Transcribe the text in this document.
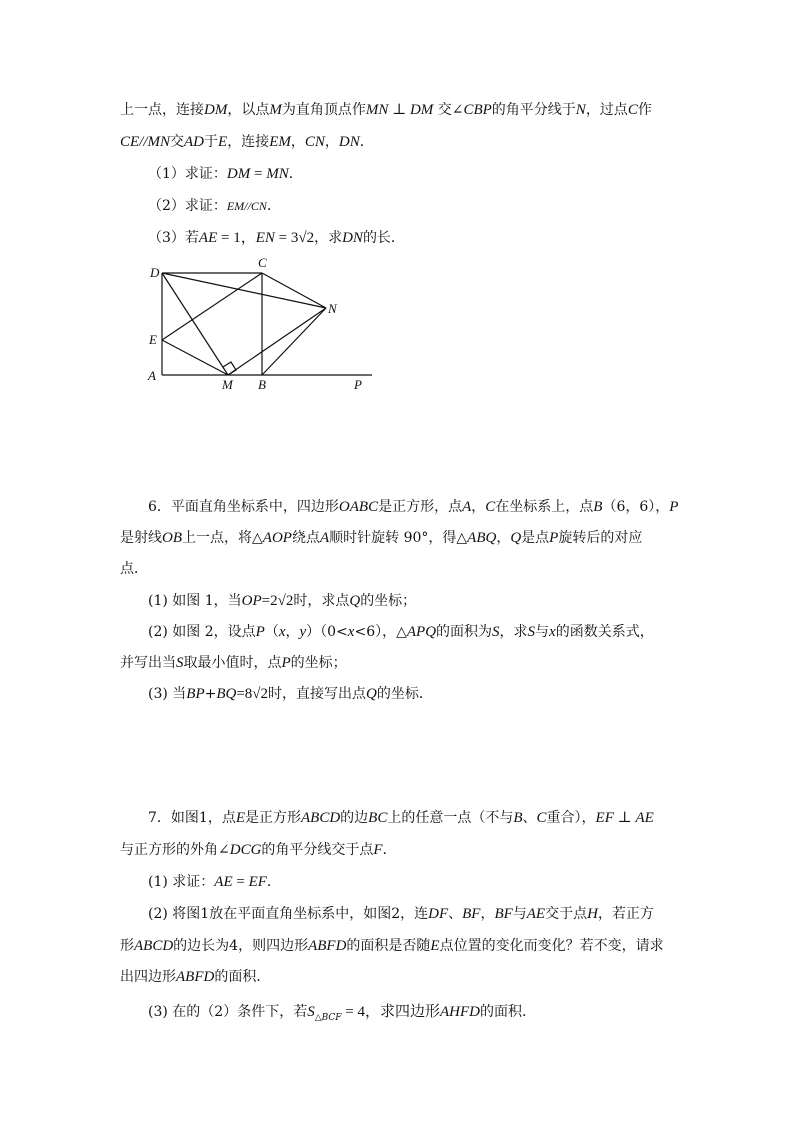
上一点，连接DM，以点M为直角顶点作MN ⊥ DM 交∠CBP的角平分线于N，过点C作
CE//MN交AD于E，连接EM，CN，DN．
（1）求证：DM = MN．
（2）求证：EM//CN．
（3）若AE = 1，EN = 3√2，求DN的长．
D
C
N
E
A
M B	P
6．平面直角坐标系中，四边形OABC是正方形，点A，C在坐标系上，点B（6，6），P
是射线OB上一点，将△AOP绕点A顺时针旋转 90°，得△ABQ，Q是点P旋转后的对应
点．
(1) 如图 1，当OP=2√2时，求点Q的坐标；
(2) 如图 2，设点P（x，y）（0<x<6），△APQ的面积为S，求S与x的函数关系式，
并写出当S取最小值时，点P的坐标；
(3) 当BP+BQ=8√2时，直接写出点Q的坐标．
7．如图1，点E是正方形ABCD的边BC上的任意一点（不与B、C重合），EF ⊥ AE
与正方形的外角∠DCG的角平分线交于点F．
(1) 求证：AE = EF．
(2) 将图1放在平面直角坐标系中，如图2，连DF、BF，BF与AE交于点H，若正方
形ABCD的边长为4，则四边形ABFD的面积是否随E点位置的变化而变化？若不变，请求
出四边形ABFD的面积．
(3) 在的（2）条件下，若$S_{\triangle BCF} = 4$，求四边形AHFD的面积．
